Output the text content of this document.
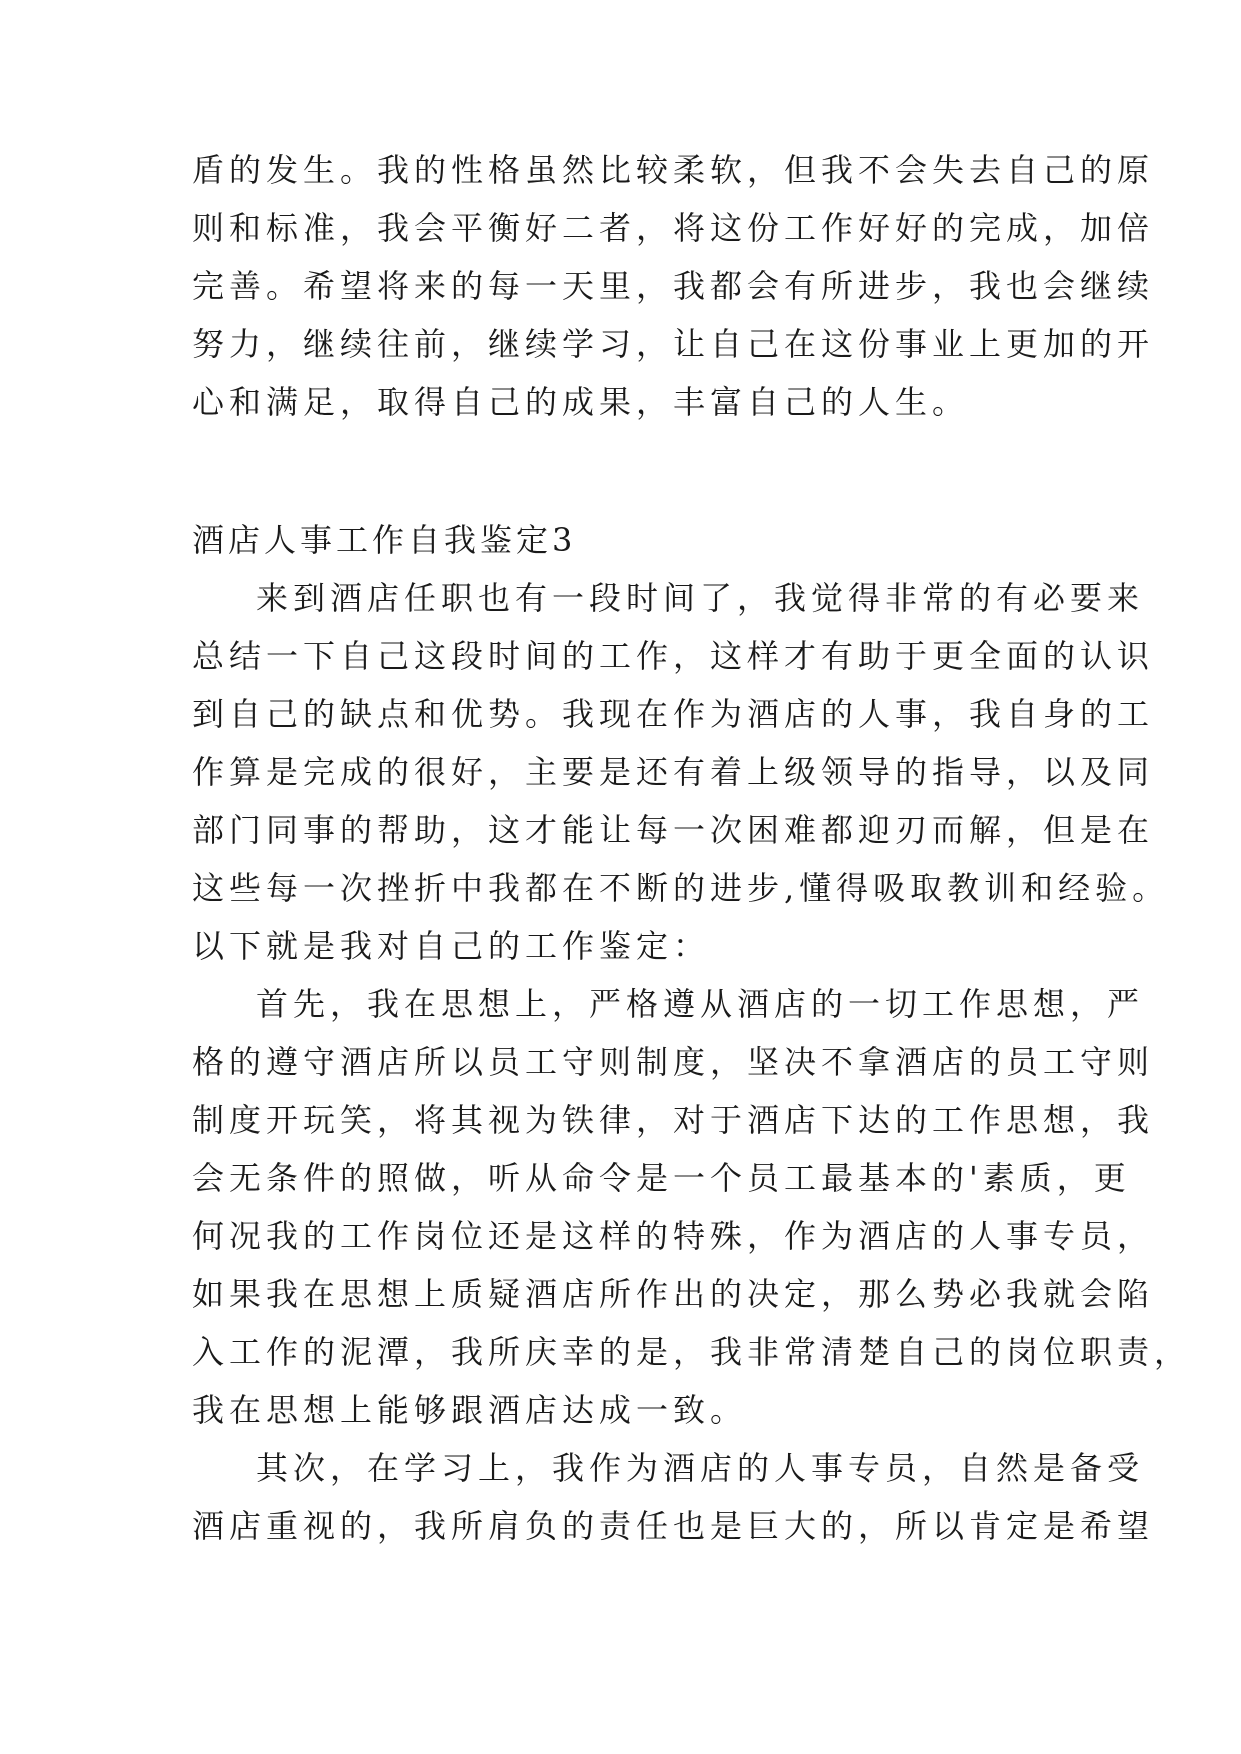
盾的发生。我的性格虽然比较柔软，但我不会失去自己的原

则和标准，我会平衡好二者，将这份工作好好的完成，加倍

完善。希望将来的每一天里，我都会有所进步，我也会继续

努力，继续往前，继续学习，让自己在这份事业上更加的开

心和满足，取得自己的成果，丰富自己的人生。

酒店人事工作自我鉴定3

来到酒店任职也有一段时间了，我觉得非常的有必要来

总结一下自己这段时间的工作，这样才有助于更全面的认识

到自己的缺点和优势。我现在作为酒店的人事，我自身的工

作算是完成的很好，主要是还有着上级领导的指导，以及同

部门同事的帮助，这才能让每一次困难都迎刃而解，但是在

这些每一次挫折中我都在不断的进步,懂得吸取教训和经验。

以下就是我对自己的工作鉴定：

首先，我在思想上，严格遵从酒店的一切工作思想，严

格的遵守酒店所以员工守则制度，坚决不拿酒店的员工守则

制度开玩笑，将其视为铁律，对于酒店下达的工作思想，我

会无条件的照做，听从命令是一个员工最基本的'素质，更

何况我的工作岗位还是这样的特殊，作为酒店的人事专员，

如果我在思想上质疑酒店所作出的决定，那么势必我就会陷

入工作的泥潭，我所庆幸的是，我非常清楚自己的岗位职责，

我在思想上能够跟酒店达成一致。

其次，在学习上，我作为酒店的人事专员，自然是备受

酒店重视的，我所肩负的责任也是巨大的，所以肯定是希望
